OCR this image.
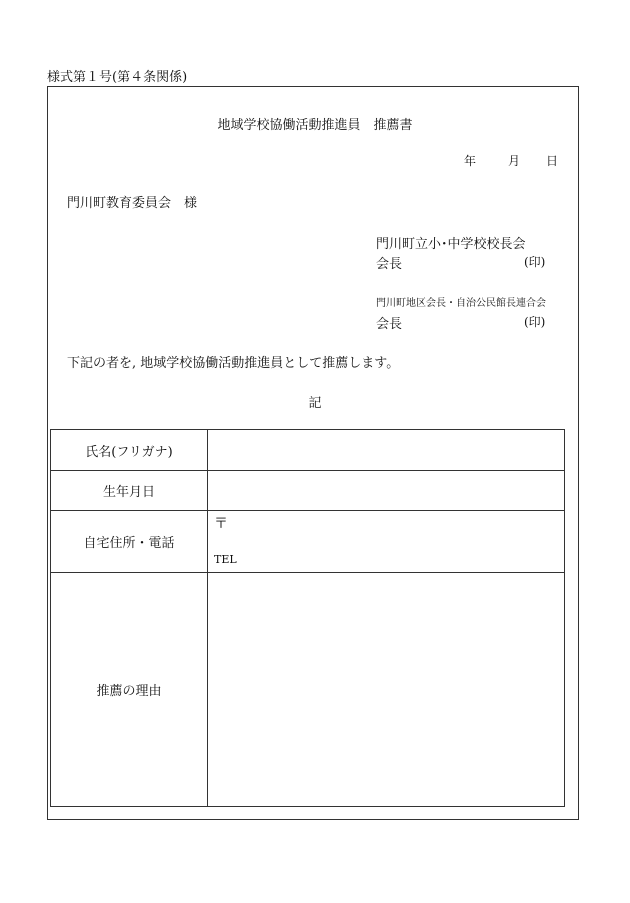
様式第１号(第４条関係)
地域学校協働活動推進員　推薦書
年	月 日
門川町教育委員会　様
門川町立小･中学校校長会
会長	(印)
門川町地区会長・自治公民館長連合会
会長	(印)
下記の者を, 地域学校協働活動推進員として推薦します。
記
氏名(フリガナ)	
生年月日	
自宅住所・電話	〒
TEL

推薦の理由	
